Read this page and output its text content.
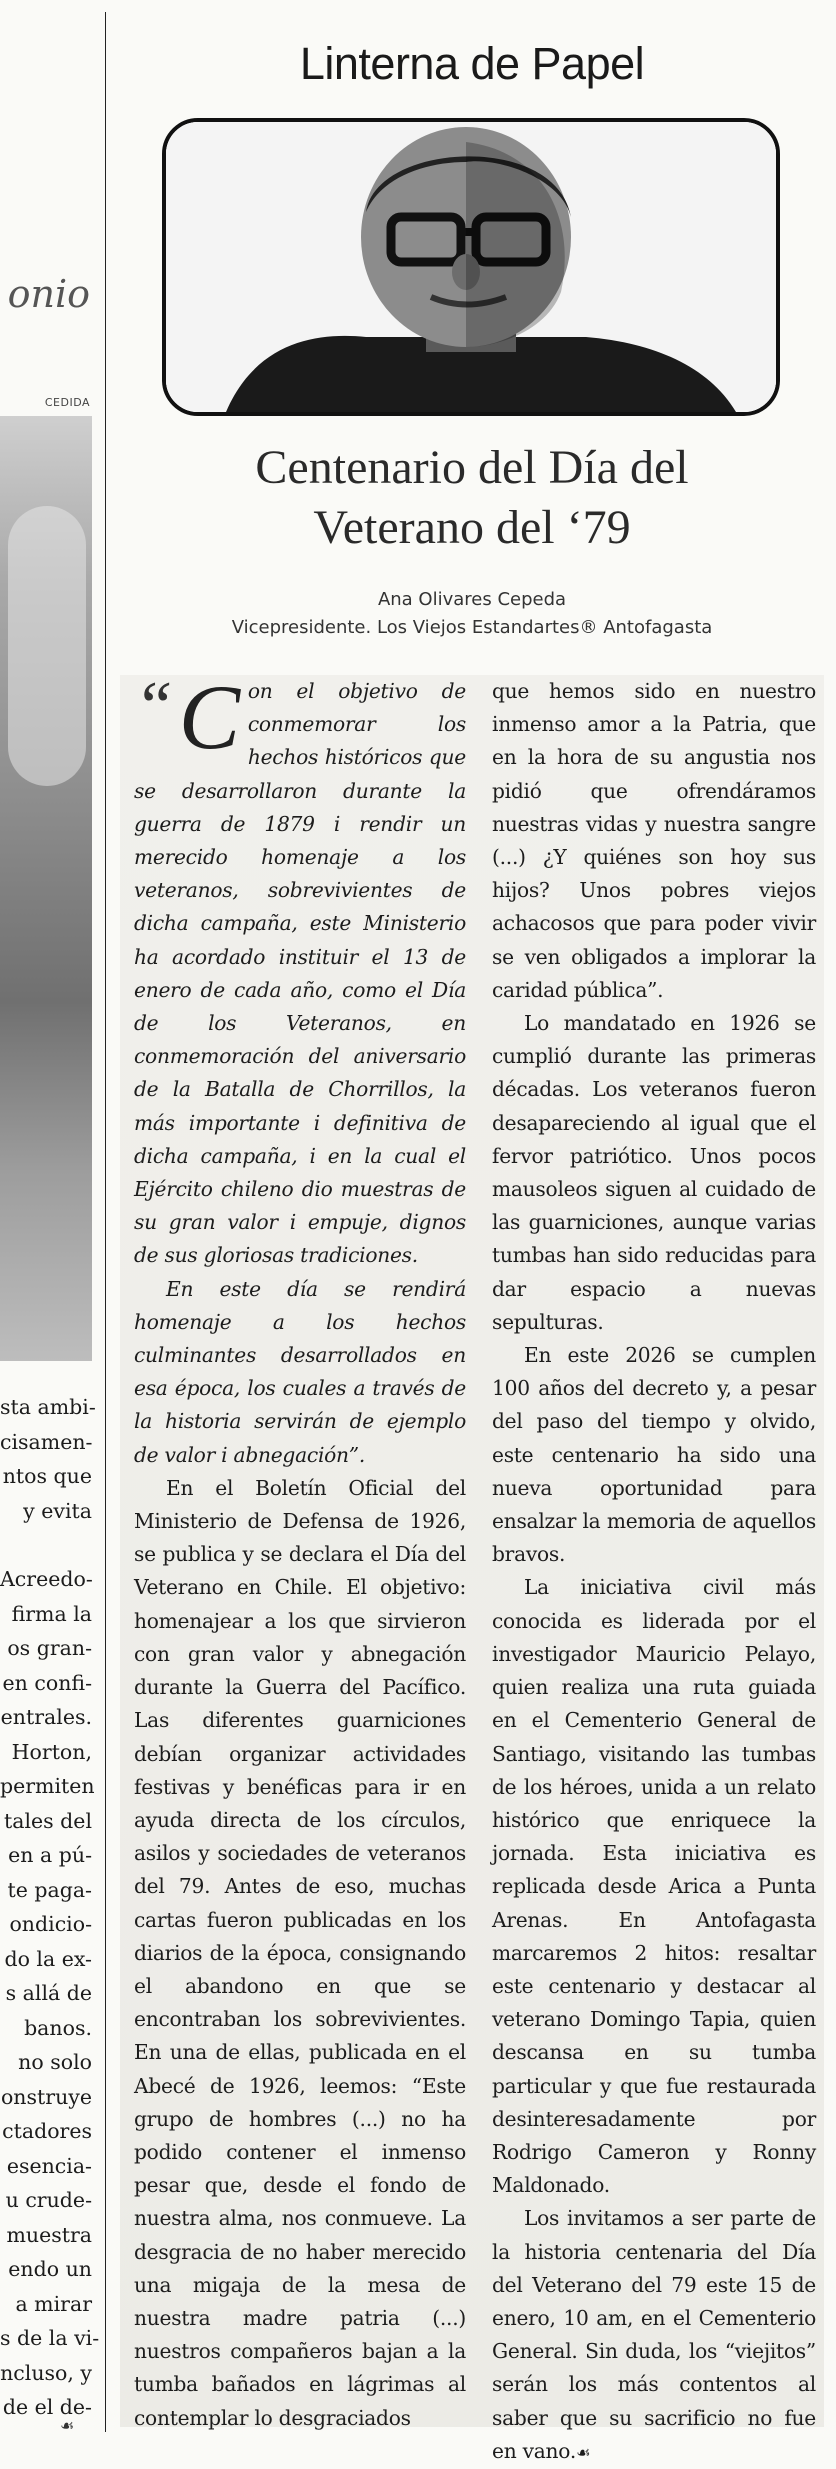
onio
CEDIDA
sta ambi-
cisamen-
ntos que
y evita
Acreedo-
firma la
os gran-
en confi-
entrales.
Horton,
permiten
tales del
en a pú-
te paga-
ondicio-
do la ex-
s allá de
banos.
no solo
onstruye
ctadores
esencia-
u crude-
muestra
endo un
a mirar
s de la vi-
ncluso, y
de el de-
☙
Linterna de Papel
Centenario del Día del
Veterano del ‘79
Ana Olivares Cepeda
Vicepresidente. Los Viejos Estandartes® Antofagasta

“ C on el objetivo de conmemorar los hechos históricos que se desarrollaron durante la guerra de 1879 i rendir un merecido homenaje a los veteranos, sobrevivientes de dicha campaña, este Ministerio ha acordado instituir el 13 de enero de cada año, como el Día de los Veteranos, en conmemoración del aniversario de la Batalla de Chorrillos, la más importante i definitiva de dicha campaña, i en la cual el Ejército chileno dio muestras de su gran valor i empuje, dignos de sus gloriosas tradiciones.

En este día se rendirá homenaje a los hechos culminantes desarrollados en esa época, los cuales a través de la historia servirán de ejemplo de valor i abnegación”.

En el Boletín Oficial del Ministerio de Defensa de 1926, se publica y se declara el Día del Veterano en Chile. El objetivo: homenajear a los que sirvieron con gran valor y abnegación durante la Guerra del Pacífico. Las diferentes guarniciones debían organizar actividades festivas y benéficas para ir en ayuda directa de los círculos, asilos y sociedades de veteranos del 79. Antes de eso, muchas cartas fueron publicadas en los diarios de la época, consignando el abandono en que se encontraban los sobrevivientes. En una de ellas, publicada en el Abecé de 1926, leemos: “Este grupo de hombres (...) no ha podido contener el inmenso pesar que, desde el fondo de nuestra alma, nos conmueve. La desgracia de no haber merecido una migaja de la mesa de nuestra madre patria (...) nuestros compañeros bajan a la tumba bañados en lágrimas al contemplar lo desgraciados

que hemos sido en nuestro inmenso amor a la Patria, que en la hora de su angustia nos pidió que ofrendáramos nuestras vidas y nuestra sangre (...) ¿Y quiénes son hoy sus hijos? Unos pobres viejos achacosos que para poder vivir se ven obligados a implorar la caridad pública”.

Lo mandatado en 1926 se cumplió durante las primeras décadas. Los veteranos fueron desapareciendo al igual que el fervor patriótico. Unos pocos mausoleos siguen al cuidado de las guarniciones, aunque varias tumbas han sido reducidas para dar espacio a nuevas sepulturas.

En este 2026 se cumplen 100 años del decreto y, a pesar del paso del tiempo y olvido, este centenario ha sido una nueva oportunidad para ensalzar la memoria de aquellos bravos.

La iniciativa civil más conocida es liderada por el investigador Mauricio Pelayo, quien realiza una ruta guiada en el Cementerio General de Santiago, visitando las tumbas de los héroes, unida a un relato histórico que enriquece la jornada. Esta iniciativa es replicada desde Arica a Punta Arenas. En Antofagasta marcaremos 2 hitos: resaltar este centenario y destacar al veterano Domingo Tapia, quien descansa en su tumba particular y que fue restaurada desinteresadamente por Rodrigo Cameron y Ronny Maldonado.

Los invitamos a ser parte de la historia centenaria del Día del Veterano del 79 este 15 de enero, 10 am, en el Cementerio General. Sin duda, los “viejitos” serán los más contentos al saber que su sacrificio no fue en vano.☙
